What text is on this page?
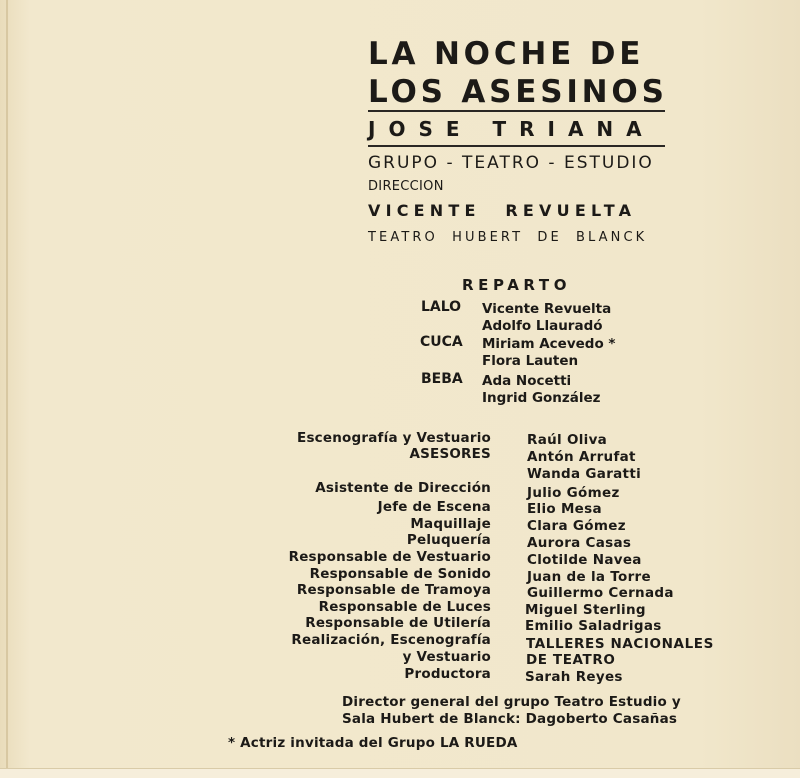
LA NOCHE DE
LOS ASESINOS
JOSE TRIANA
GRUPO - TEATRO - ESTUDIO
DIRECCION
VICENTE REVUELTA
TEATRO HUBERT DE BLANCK
REPARTO
LALO Vicente Revuelta
Adolfo Llauradó
CUCA Miriam Acevedo *
Flora Lauten
BEBA Ada Nocetti
Ingrid González
Escenografía y Vestuario
ASESORES
Asistente de Dirección
Jefe de Escena
Maquillaje
Peluquería
Responsable de Vestuario
Responsable de Sonido
Responsable de Tramoya
Responsable de Luces
Responsable de Utilería
Realización, Escenografía
y Vestuario
Productora
Raúl Oliva
Antón Arrufat
Wanda Garatti
Julio Gómez
Elio Mesa
Clara Gómez
Aurora Casas
Clotilde Navea
Juan de la Torre
Guillermo Cernada
Miguel Sterling
Emilio Saladrigas
TALLERES NACIONALES
DE TEATRO
Sarah Reyes
Director general del grupo Teatro Estudio y
Sala Hubert de Blanck: Dagoberto Casañas
* Actriz invitada del Grupo LA RUEDA
